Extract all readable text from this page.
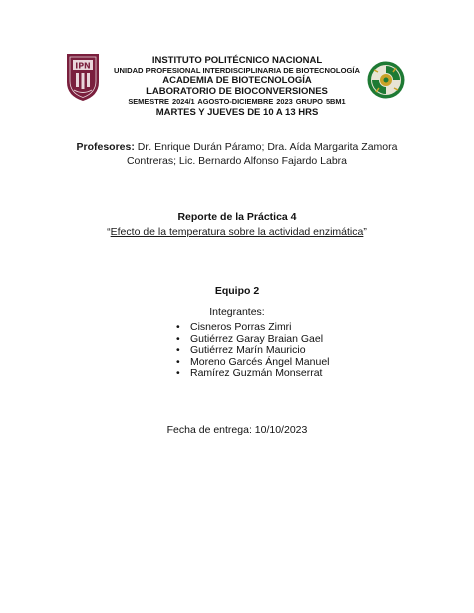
IPN	INSTITUTO POLITÉCNICO NACIONAL
UNIDAD PROFESIONAL INTERDISCIPLINARIA DE BIOTECNOLOGÍA
ACADEMIA DE BIOTECNOLOGÍA
LABORATORIO DE BIOCONVERSIONES
SEMESTRE 2024/1 AGOSTO-DICIEMBRE 2023 GRUPO 5BM1
MARTES Y JUEVES DE 10 A 13 HRS
Profesores: Dr. Enrique Durán Páramo; Dra. Aída Margarita Zamora Contreras; Lic. Bernardo Alfonso Fajardo Labra
Reporte de la Práctica 4
“Efecto de la temperatura sobre la actividad enzimática”
Equipo 2
Integrantes:
• Cisneros Porras Zimri
• Gutiérrez Garay Braian Gael
• Gutiérrez Marín Mauricio
• Moreno Garcés Ángel Manuel
• Ramírez Guzmán Monserrat
Fecha de entrega: 10/10/2023
